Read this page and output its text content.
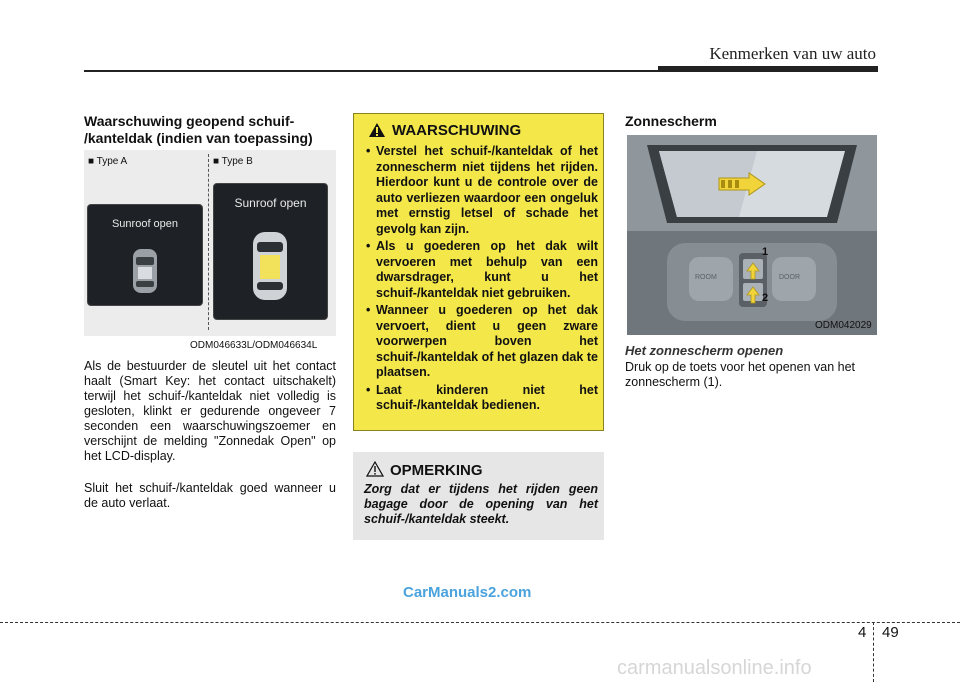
Kenmerken van uw auto
Waarschuwing geopend schuif-
/kanteldak (indien van toepassing)
■ Type A	■ Type B
Sunroof open
Sunroof open
ODM046633L/ODM046634L
Als de bestuurder de sleutel uit het contact haalt (Smart Key: het contact uitschakelt) terwijl het schuif-/kanteldak niet volledig is gesloten, klinkt er gedurende ongeveer 7 seconden een waarschuwingszoemer en verschijnt de melding "Zonnedak Open" op het LCD-display.
Sluit het schuif-/kanteldak goed wanneer u de auto verlaat.
WAARSCHUWING
• Verstel het schuif-/kanteldak of het zonnescherm niet tijdens het rijden. Hierdoor kunt u de controle over de auto verliezen waardoor een ongeluk met ernstig letsel of schade het gevolg kan zijn.
• Als u goederen op het dak wilt vervoeren met behulp van een dwarsdrager, kunt u het schuif-/kanteldak niet gebruiken.
• Wanneer u goederen op het dak vervoert, dient u geen zware voorwerpen boven het schuif-/kanteldak of het glazen dak te plaatsen.
• Laat kinderen niet het schuif-/kanteldak bedienen.
OPMERKING
Zorg dat er tijdens het rijden geen bagage door de opening van het schuif-/kanteldak steekt.
Zonnescherm
1
2
ROOM	DOOR
ODM042029
Het zonnescherm openen
Druk op de toets voor het openen van het zonnescherm (1).
CarManuals2.com
4 49
carmanualsonline.info
